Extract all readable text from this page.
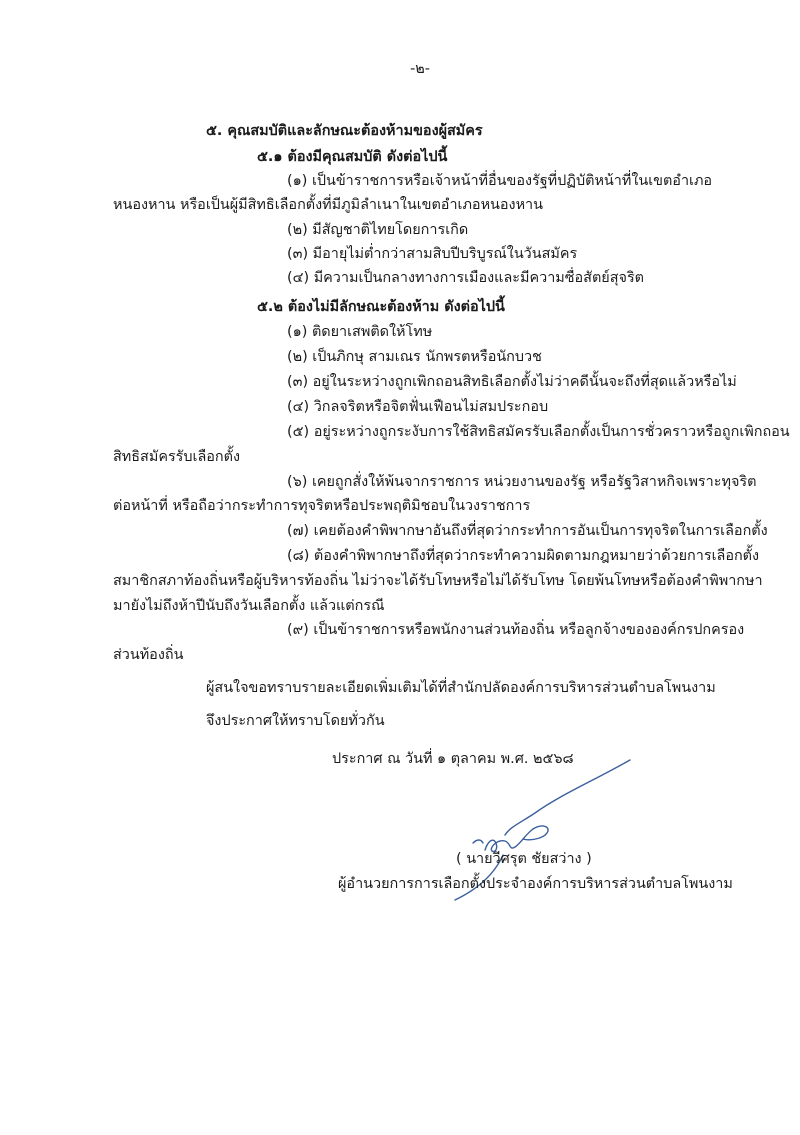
-๒-
๕. คุณสมบัติและลักษณะต้องห้ามของผู้สมัคร
๕.๑ ต้องมีคุณสมบัติ ดังต่อไปนี้
(๑) เป็นข้าราชการหรือเจ้าหน้าที่อื่นของรัฐที่ปฏิบัติหน้าที่ในเขตอำเภอ
หนองหาน หรือเป็นผู้มีสิทธิเลือกตั้งที่มีภูมิลำเนาในเขตอำเภอหนองหาน
(๒) มีสัญชาติไทยโดยการเกิด
(๓) มีอายุไม่ต่ำกว่าสามสิบปีบริบูรณ์ในวันสมัคร
(๔) มีความเป็นกลางทางการเมืองและมีความซื่อสัตย์สุจริต
๕.๒ ต้องไม่มีลักษณะต้องห้าม ดังต่อไปนี้
(๑) ติดยาเสพติดให้โทษ
(๒) เป็นภิกษุ สามเณร นักพรตหรือนักบวช
(๓) อยู่ในระหว่างถูกเพิกถอนสิทธิเลือกตั้งไม่ว่าคดีนั้นจะถึงที่สุดแล้วหรือไม่
(๔) วิกลจริตหรือจิตฟั่นเฟือนไม่สมประกอบ
(๕) อยู่ระหว่างถูกระงับการใช้สิทธิสมัครรับเลือกตั้งเป็นการชั่วคราวหรือถูกเพิกถอน
สิทธิสมัครรับเลือกตั้ง
(๖) เคยถูกสั่งให้พ้นจากราชการ หน่วยงานของรัฐ หรือรัฐวิสาหกิจเพราะทุจริต
ต่อหน้าที่ หรือถือว่ากระทำการทุจริตหรือประพฤติมิชอบในวงราชการ
(๗) เคยต้องคำพิพากษาอันถึงที่สุดว่ากระทำการอันเป็นการทุจริตในการเลือกตั้ง
(๘) ต้องคำพิพากษาถึงที่สุดว่ากระทำความผิดตามกฎหมายว่าด้วยการเลือกตั้ง
สมาชิกสภาท้องถิ่นหรือผู้บริหารท้องถิ่น ไม่ว่าจะได้รับโทษหรือไม่ได้รับโทษ โดยพ้นโทษหรือต้องคำพิพากษา
มายังไม่ถึงห้าปีนับถึงวันเลือกตั้ง แล้วแต่กรณี
(๙) เป็นข้าราชการหรือพนักงานส่วนท้องถิ่น หรือลูกจ้างขององค์กรปกครอง
ส่วนท้องถิ่น
ผู้สนใจขอทราบรายละเอียดเพิ่มเติมได้ที่สำนักปลัดองค์การบริหารส่วนตำบลโพนงาม
จึงประกาศให้ทราบโดยทั่วกัน
ประกาศ ณ วันที่ ๑ ตุลาคม พ.ศ. ๒๕๖๘
( นายวีศรุต ชัยสว่าง )
ผู้อำนวยการการเลือกตั้งประจำองค์การบริหารส่วนตำบลโพนงาม
